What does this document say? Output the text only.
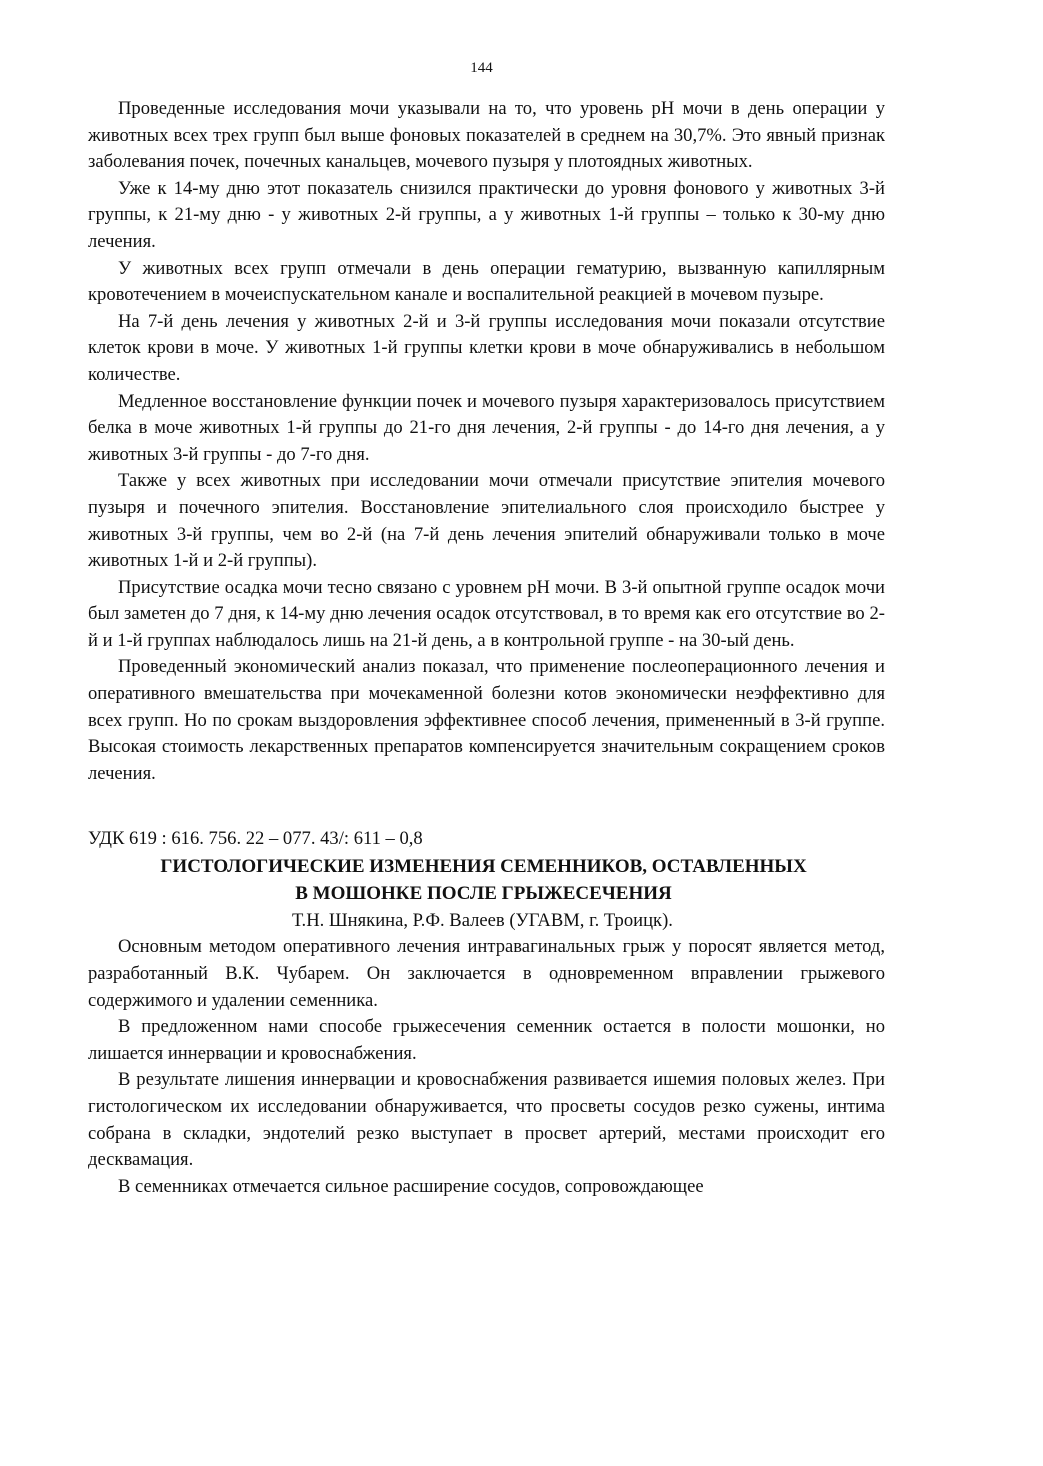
144

Проведенные исследования мочи указывали на то, что уровень рН мочи в день операции у животных всех трех групп был выше фоновых показателей в среднем на 30,7%. Это явный признак заболевания почек, почечных канальцев, мочевого пузыря у плотоядных животных.

Уже к 14-му дню этот показатель снизился практически до уровня фонового у животных 3-й группы, к 21-му дню - у животных 2-й группы, а у животных 1-й группы – только к 30-му дню лечения.

У животных всех групп отмечали в день операции гематурию, вызванную капиллярным кровотечением в мочеиспускательном канале и воспалительной реакцией в мочевом пузыре.

На 7-й день лечения у животных 2-й и 3-й группы исследования мочи показали отсутствие клеток крови в моче. У животных 1-й группы клетки крови в моче обнаруживались в небольшом количестве.

Медленное восстановление функции почек и мочевого пузыря характеризовалось присутствием белка в моче животных 1-й группы до 21-го дня лечения, 2-й группы - до 14-го дня лечения, а у животных 3-й группы - до 7-го дня.

Также у всех животных при исследовании мочи отмечали присутствие эпителия мочевого пузыря и почечного эпителия. Восстановление эпителиального слоя происходило быстрее у животных 3-й группы, чем во 2-й (на 7-й день лечения эпителий обнаруживали только в моче животных 1-й и 2-й группы).

Присутствие осадка мочи тесно связано с уровнем рН мочи. В 3-й опытной группе осадок мочи был заметен до 7 дня, к 14-му дню лечения осадок отсутствовал, в то время как его отсутствие во 2-й и 1-й группах наблюдалось лишь на 21-й день, а в контрольной группе - на 30-ый день.

Проведенный экономический анализ показал, что применение послеоперационного лечения и оперативного вмешательства при мочекаменной болезни котов экономически неэффективно для всех групп. Но по срокам выздоровления эффективнее способ лечения, примененный в 3-й группе. Высокая стоимость лекарственных препаратов компенсируется значительным сокращением сроков лечения.

УДК 619 : 616. 756. 22 – 077. 43/: 611 – 0,8

ГИСТОЛОГИЧЕСКИЕ ИЗМЕНЕНИЯ СЕМЕННИКОВ, ОСТАВЛЕННЫХ
В МОШОНКЕ ПОСЛЕ ГРЫЖЕСЕЧЕНИЯ

Т.Н. Шнякина, Р.Ф. Валеев (УГАВМ, г. Троицк).

Основным методом оперативного лечения интравагинальных грыж у поросят является метод, разработанный В.К. Чубарем. Он заключается в одновременном вправлении грыжевого содержимого и удалении семенника.

В предложенном нами способе грыжесечения семенник остается в полости мошонки, но лишается иннервации и кровоснабжения.

В результате лишения иннервации и кровоснабжения развивается ишемия половых желез. При гистологическом их исследовании обнаруживается, что просветы сосудов резко сужены, интима собрана в складки, эндотелий резко выступает в просвет артерий, местами происходит его десквамация.

В семенниках отмечается сильное расширение сосудов, сопровождающее
